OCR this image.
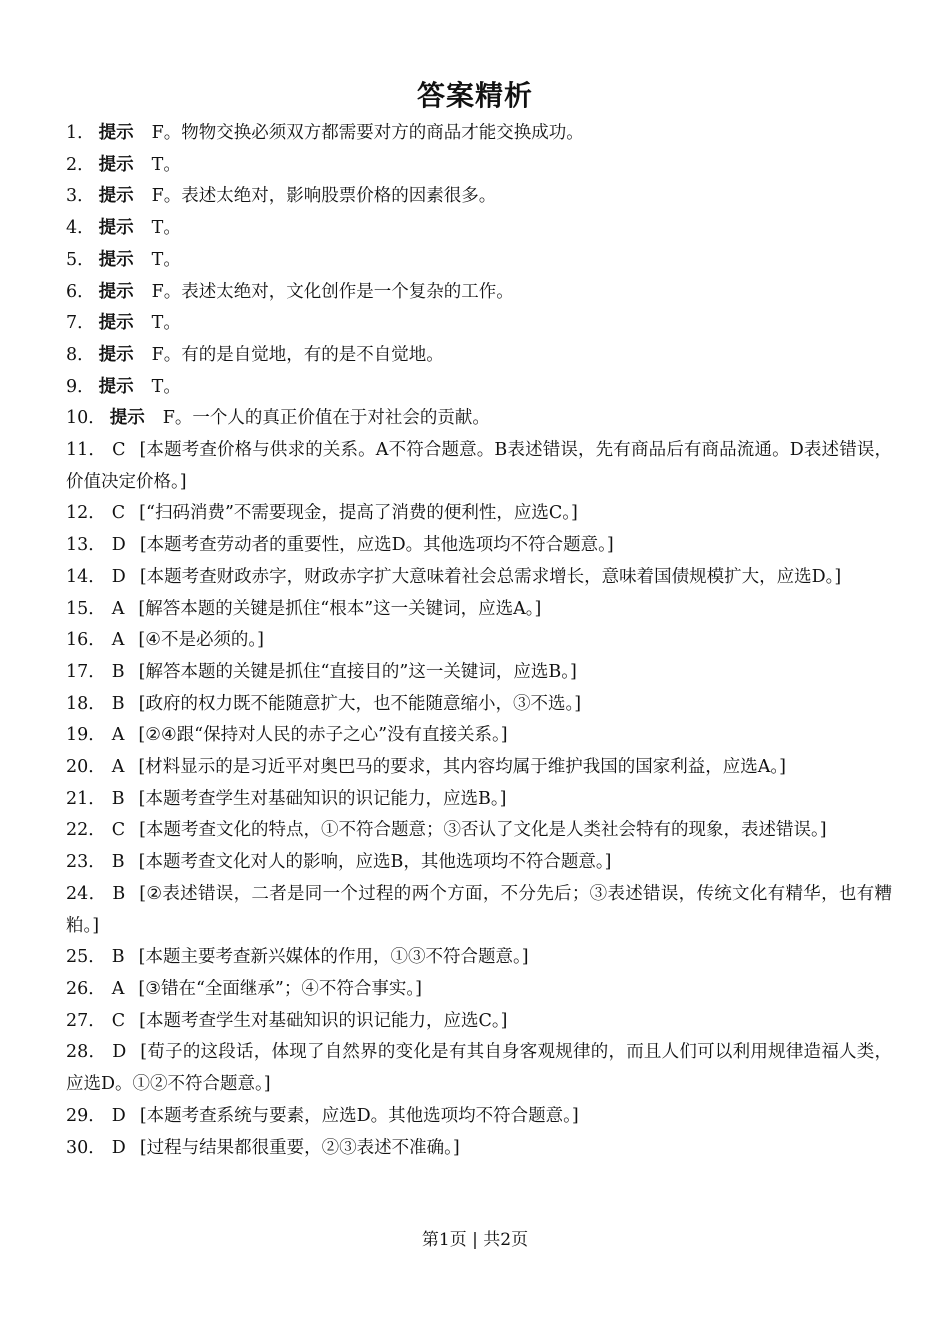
答案精析

1． 提示 F。物物交换必须双方都需要对方的商品才能交换成功。

2． 提示 T。

3． 提示 F。表述太绝对，影响股票价格的因素很多。

4． 提示 T。

5． 提示 T。

6． 提示 F。表述太绝对，文化创作是一个复杂的工作。

7． 提示 T。

8． 提示 F。有的是自觉地，有的是不自觉地。

9． 提示 T。

10． 提示 F。一个人的真正价值在于对社会的贡献。

11． C [本题考查价格与供求的关系。A不符合题意。B表述错误，先有商品后有商品流通。D表述错误，价值决定价格。]

12． C [“扫码消费”不需要现金，提高了消费的便利性，应选C。]

13． D [本题考查劳动者的重要性，应选D。其他选项均不符合题意。]

14． D [本题考查财政赤字，财政赤字扩大意味着社会总需求增长，意味着国债规模扩大，应选D。]

15． A [解答本题的关键是抓住“根本”这一关键词，应选A。]

16． A [④不是必须的。]

17． B [解答本题的关键是抓住“直接目的”这一关键词，应选B。]

18． B [政府的权力既不能随意扩大，也不能随意缩小，③不选。]

19． A [②④跟“保持对人民的赤子之心”没有直接关系。]

20． A [材料显示的是习近平对奥巴马的要求，其内容均属于维护我国的国家利益，应选A。]

21． B [本题考查学生对基础知识的识记能力，应选B。]

22． C [本题考查文化的特点，①不符合题意；③否认了文化是人类社会特有的现象，表述错误。]

23． B [本题考查文化对人的影响，应选B，其他选项均不符合题意。]

24． B [②表述错误，二者是同一个过程的两个方面，不分先后；③表述错误，传统文化有精华，也有糟粕。]

25． B [本题主要考查新兴媒体的作用，①③不符合题意。]

26． A [③错在“全面继承”；④不符合事实。]

27． C [本题考查学生对基础知识的识记能力，应选C。]

28． D [荀子的这段话，体现了自然界的变化是有其自身客观规律的，而且人们可以利用规律造福人类，应选D。①②不符合题意。]

29． D [本题考查系统与要素，应选D。其他选项均不符合题意。]

30． D [过程与结果都很重要，②③表述不准确。]

第1页 | 共2页
